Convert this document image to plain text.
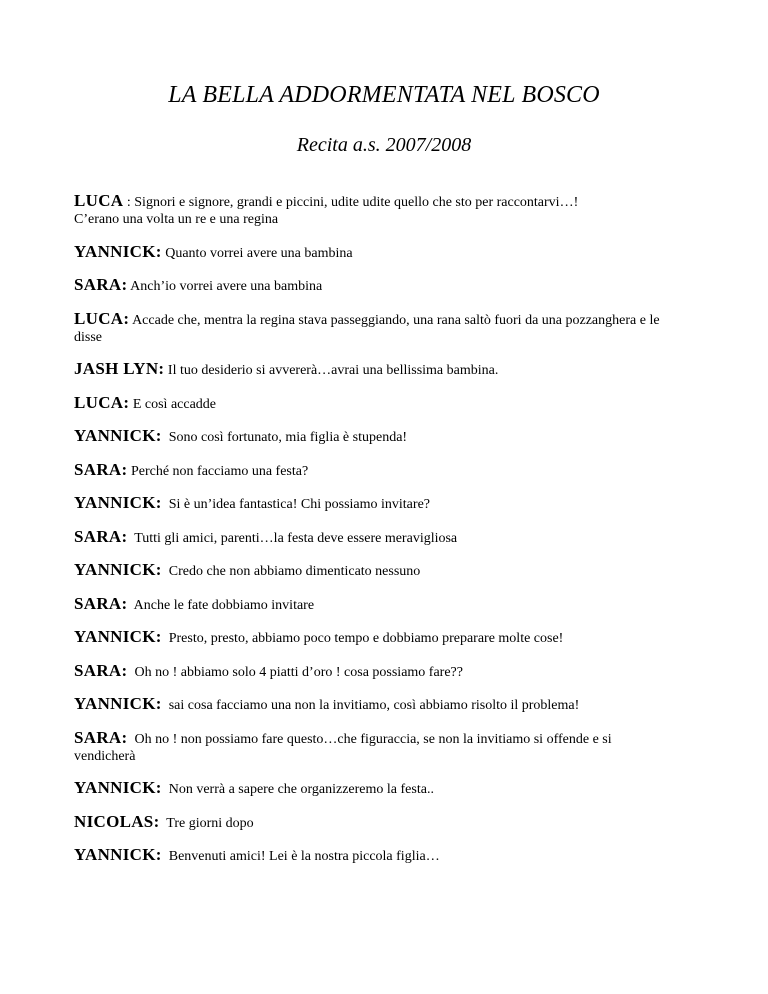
LA BELLA ADDORMENTATA NEL BOSCO
Recita a.s. 2007/2008

LUCA : Signori e signore, grandi e piccini, udite udite quello che sto per raccontarvi…!
C’erano una volta un re e una regina

YANNICK: Quanto vorrei avere una bambina

SARA: Anch’io vorrei avere una bambina

LUCA: Accade che, mentra la regina stava passeggiando, una rana saltò fuori da una pozzanghera e le disse

JASH LYN: Il tuo desiderio si avvererà…avrai una bellissima bambina.

LUCA: E così accadde

YANNICK:  Sono così fortunato, mia figlia è stupenda!

SARA: Perché non facciamo una festa?

YANNICK:  Si è un’idea fantastica! Chi possiamo invitare?

SARA:  Tutti gli amici, parenti…la festa deve essere meravigliosa

YANNICK:  Credo che non abbiamo dimenticato nessuno

SARA:  Anche le fate dobbiamo invitare

YANNICK:  Presto, presto, abbiamo poco tempo e dobbiamo preparare molte cose!

SARA:  Oh no ! abbiamo solo 4 piatti d’oro ! cosa possiamo fare??

YANNICK:  sai cosa facciamo una non la invitiamo, così abbiamo risolto il problema!

SARA:  Oh no ! non possiamo fare questo…che figuraccia, se non la invitiamo si offende e si vendicherà

YANNICK:  Non verrà a sapere che organizzeremo la festa..

NICOLAS:  Tre giorni dopo

YANNICK:  Benvenuti amici! Lei è la nostra piccola figlia…
